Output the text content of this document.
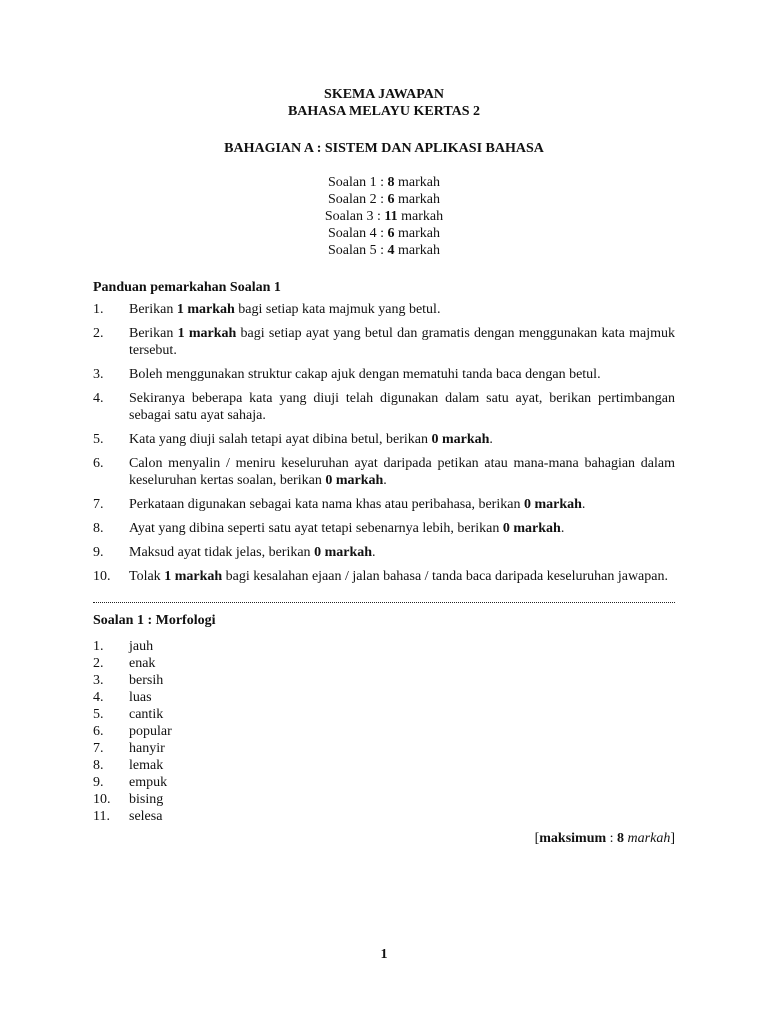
SKEMA JAWAPAN
BAHASA MELAYU KERTAS 2
BAHAGIAN A : SISTEM DAN APLIKASI BAHASA
Soalan 1 : 8 markah
Soalan 2 : 6 markah
Soalan 3 : 11 markah
Soalan 4 : 6 markah
Soalan 5 : 4 markah
Panduan pemarkahan Soalan 1
1.	Berikan 1 markah bagi setiap kata majmuk yang betul.
2.	Berikan 1 markah bagi setiap ayat yang betul dan gramatis dengan menggunakan kata majmuk tersebut.
3.	Boleh menggunakan struktur cakap ajuk dengan mematuhi tanda baca dengan betul.
4.	Sekiranya beberapa kata yang diuji telah digunakan dalam satu ayat, berikan pertimbangan sebagai satu ayat sahaja.
5.	Kata yang diuji salah tetapi ayat dibina betul, berikan 0 markah.
6.	Calon menyalin / meniru keseluruhan ayat daripada petikan atau mana-mana bahagian dalam keseluruhan kertas soalan, berikan 0 markah.
7.	Perkataan digunakan sebagai kata nama khas atau peribahasa, berikan 0 markah.
8.	Ayat yang dibina seperti satu ayat tetapi sebenarnya lebih, berikan 0 markah.
9.	Maksud ayat tidak jelas, berikan 0 markah.
10.	Tolak 1 markah bagi kesalahan ejaan / jalan bahasa / tanda baca daripada keseluruhan jawapan.
Soalan 1 : Morfologi
1.	jauh
2.	enak
3.	bersih
4.	luas
5.	cantik
6.	popular
7.	hanyir
8.	lemak
9.	empuk
10.	bising
11.	selesa
[maksimum : 8 markah]
1
